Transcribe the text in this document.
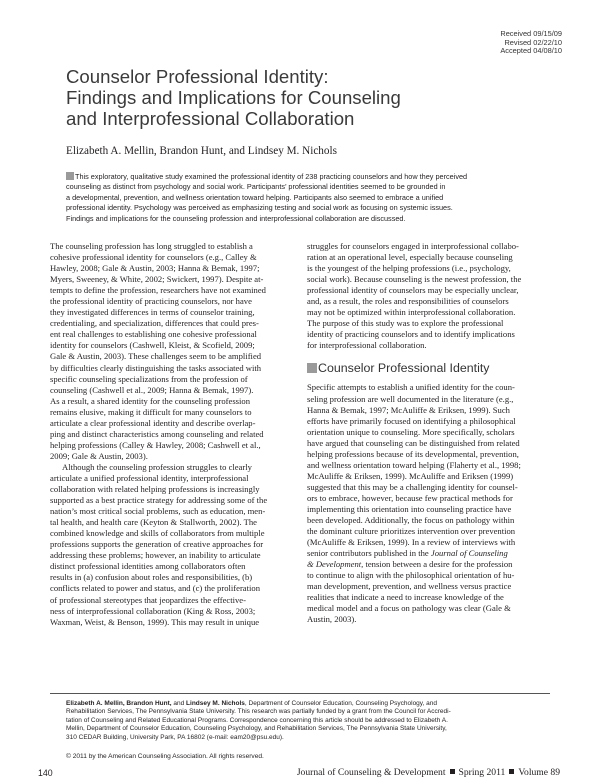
Received 09/15/09
Revised 02/22/10
Accepted 04/08/10
Counselor Professional Identity:
Findings and Implications for Counseling
and Interprofessional Collaboration
Elizabeth A. Mellin, Brandon Hunt, and Lindsey M. Nichols
This exploratory, qualitative study examined the professional identity of 238 practicing counselors and how they perceived
counseling as distinct from psychology and social work. Participants’ professional identities seemed to be grounded in
a developmental, prevention, and wellness orientation toward helping. Participants also seemed to embrace a unified
professional identity. Psychology was perceived as emphasizing testing and social work as focusing on systemic issues.
Findings and implications for the counseling profession and interprofessional collaboration are discussed.
The counseling profession has long struggled to establish a
cohesive professional identity for counselors (e.g., Calley &
Hawley, 2008; Gale & Austin, 2003; Hanna & Bemak, 1997;
Myers, Sweeney, & White, 2002; Swickert, 1997). Despite at-
tempts to define the profession, researchers have not examined
the professional identity of practicing counselors, nor have
they investigated differences in terms of counselor training,
credentialing, and specialization, differences that could pres-
ent real challenges to establishing one cohesive professional
identity for counselors (Cashwell, Kleist, & Scofield, 2009;
Gale & Austin, 2003). These challenges seem to be amplified
by difficulties clearly distinguishing the tasks associated with
specific counseling specializations from the profession of
counseling (Cashwell et al., 2009; Hanna & Bemak, 1997).
As a result, a shared identity for the counseling profession
remains elusive, making it difficult for many counselors to
articulate a clear professional identity and describe overlap-
ping and distinct characteristics among counseling and related
helping professions (Calley & Hawley, 2008; Cashwell et al.,
2009; Gale & Austin, 2003).
Although the counseling profession struggles to clearly
articulate a unified professional identity, interprofessional
collaboration with related helping professions is increasingly
supported as a best practice strategy for addressing some of the
nation’s most critical social problems, such as education, men-
tal health, and health care (Keyton & Stallworth, 2002). The
combined knowledge and skills of collaborators from multiple
professions supports the generation of creative approaches for
addressing these problems; however, an inability to articulate
distinct professional identities among collaborators often
results in (a) confusion about roles and responsibilities, (b)
conflicts related to power and status, and (c) the proliferation
of professional stereotypes that jeopardizes the effective-
ness of interprofessional collaboration (King & Ross, 2003;
Waxman, Weist, & Benson, 1999). This may result in unique
struggles for counselors engaged in interprofessional collabo-
ration at an operational level, especially because counseling
is the youngest of the helping professions (i.e., psychology,
social work). Because counseling is the newest profession, the
professional identity of counselors may be especially unclear,
and, as a result, the roles and responsibilities of counselors
may not be optimized within interprofessional collaboration.
The purpose of this study was to explore the professional
identity of practicing counselors and to identify implications
for interprofessional collaboration.
Counselor Professional Identity
Specific attempts to establish a unified identity for the coun-
seling profession are well documented in the literature (e.g.,
Hanna & Bemak, 1997; McAuliffe & Eriksen, 1999). Such
efforts have primarily focused on identifying a philosophical
orientation unique to counseling. More specifically, scholars
have argued that counseling can be distinguished from related
helping professions because of its developmental, prevention,
and wellness orientation toward helping (Flaherty et al., 1998;
McAuliffe & Eriksen, 1999). McAuliffe and Eriksen (1999)
suggested that this may be a challenging identity for counsel-
ors to embrace, however, because few practical methods for
implementing this orientation into counseling practice have
been developed. Additionally, the focus on pathology within
the dominant culture prioritizes intervention over prevention
(McAuliffe & Eriksen, 1999). In a review of interviews with
senior contributors published in the Journal of Counseling
& Development, tension between a desire for the profession
to continue to align with the philosophical orientation of hu-
man development, prevention, and wellness versus practice
realities that indicate a need to increase knowledge of the
medical model and a focus on pathology was clear (Gale &
Austin, 2003).
Elizabeth A. Mellin, Brandon Hunt, and Lindsey M. Nichols, Department of Counselor Education, Counseling Psychology, and
Rehabilitation Services, The Pennsylvania State University. This research was partially funded by a grant from the Council for Accredi-
tation of Counseling and Related Educational Programs. Correspondence concerning this article should be addressed to Elizabeth A.
Mellin, Department of Counselor Education, Counseling Psychology, and Rehabilitation Services, The Pennsylvania State University,
310 CEDAR Building, University Park, PA 16802 (e-mail: eam20@psu.edu).
© 2011 by the American Counseling Association. All rights reserved.
140	Journal of Counseling & Development Spring 2011 Volume 89
